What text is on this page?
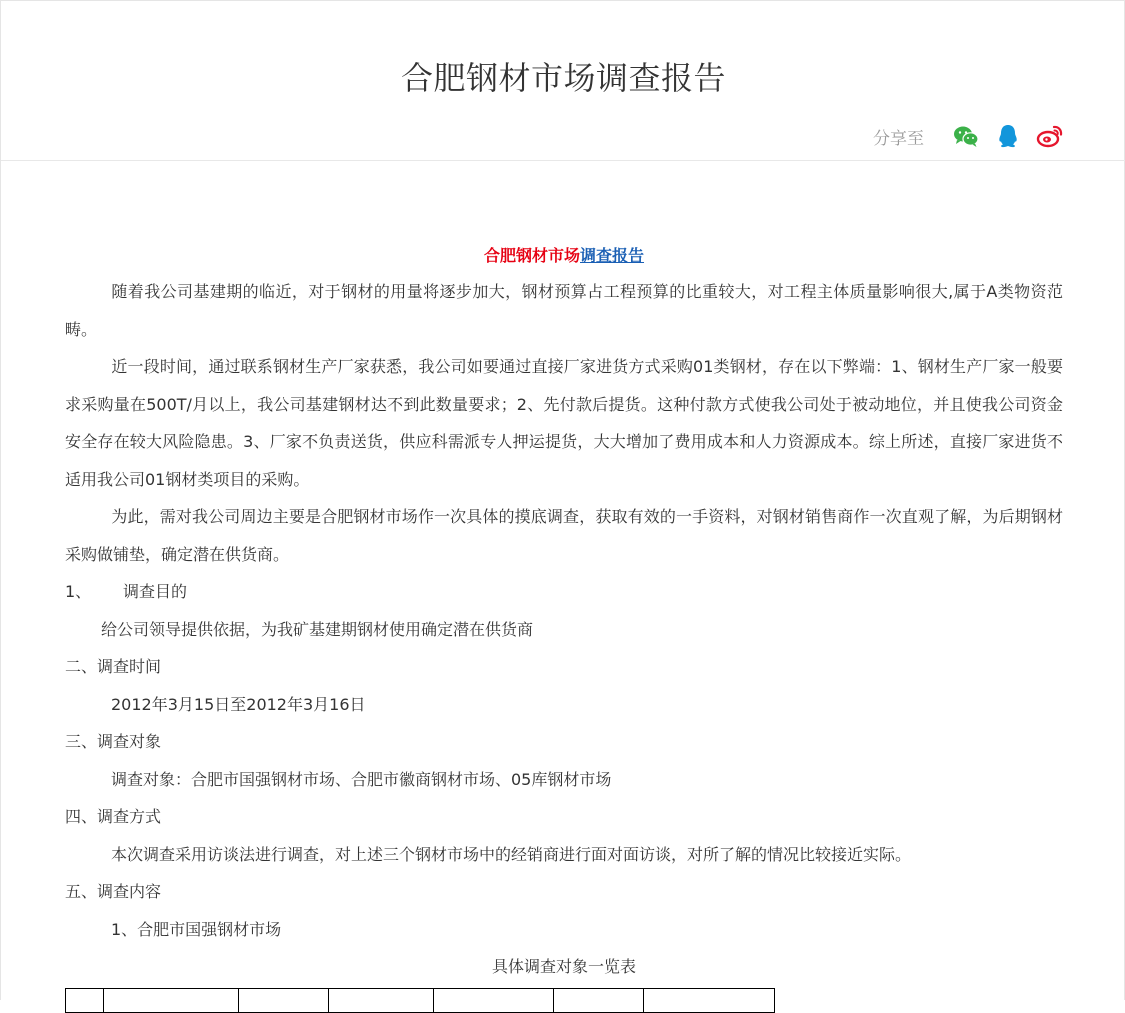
合肥钢材市场调查报告
分享至
合肥钢材市场调查报告

随着我公司基建期的临近，对于钢材的用量将逐步加大，钢材预算占工程预算的比重较大，对工程主体质量影响很大,属于A类物资范畴。

近一段时间，通过联系钢材生产厂家获悉，我公司如要通过直接厂家进货方式采购01类钢材，存在以下弊端：1、钢材生产厂家一般要求采购量在500T/月以上，我公司基建钢材达不到此数量要求；2、先付款后提货。这种付款方式使我公司处于被动地位，并且使我公司资金安全存在较大风险隐患。3、厂家不负责送货，供应科需派专人押运提货，大大增加了费用成本和人力资源成本。综上所述，直接厂家进货不适用我公司01钢材类项目的采购。

为此，需对我公司周边主要是合肥钢材市场作一次具体的摸底调查，获取有效的一手资料，对钢材销售商作一次直观了解，为后期钢材采购做铺垫，确定潜在供货商。

1、 调查目的
给公司领导提供依据，为我矿基建期钢材使用确定潜在供货商
二、调查时间
2012年3月15日至2012年3月16日
三、调查对象
调查对象：合肥市国强钢材市场、合肥市徽商钢材市场、05库钢材市场
四、调查方式
本次调查采用访谈法进行调查，对上述三个钢材市场中的经销商进行面对面访谈，对所了解的情况比较接近实际。
五、调查内容
1、合肥市国强钢材市场
具体调查对象一览表
